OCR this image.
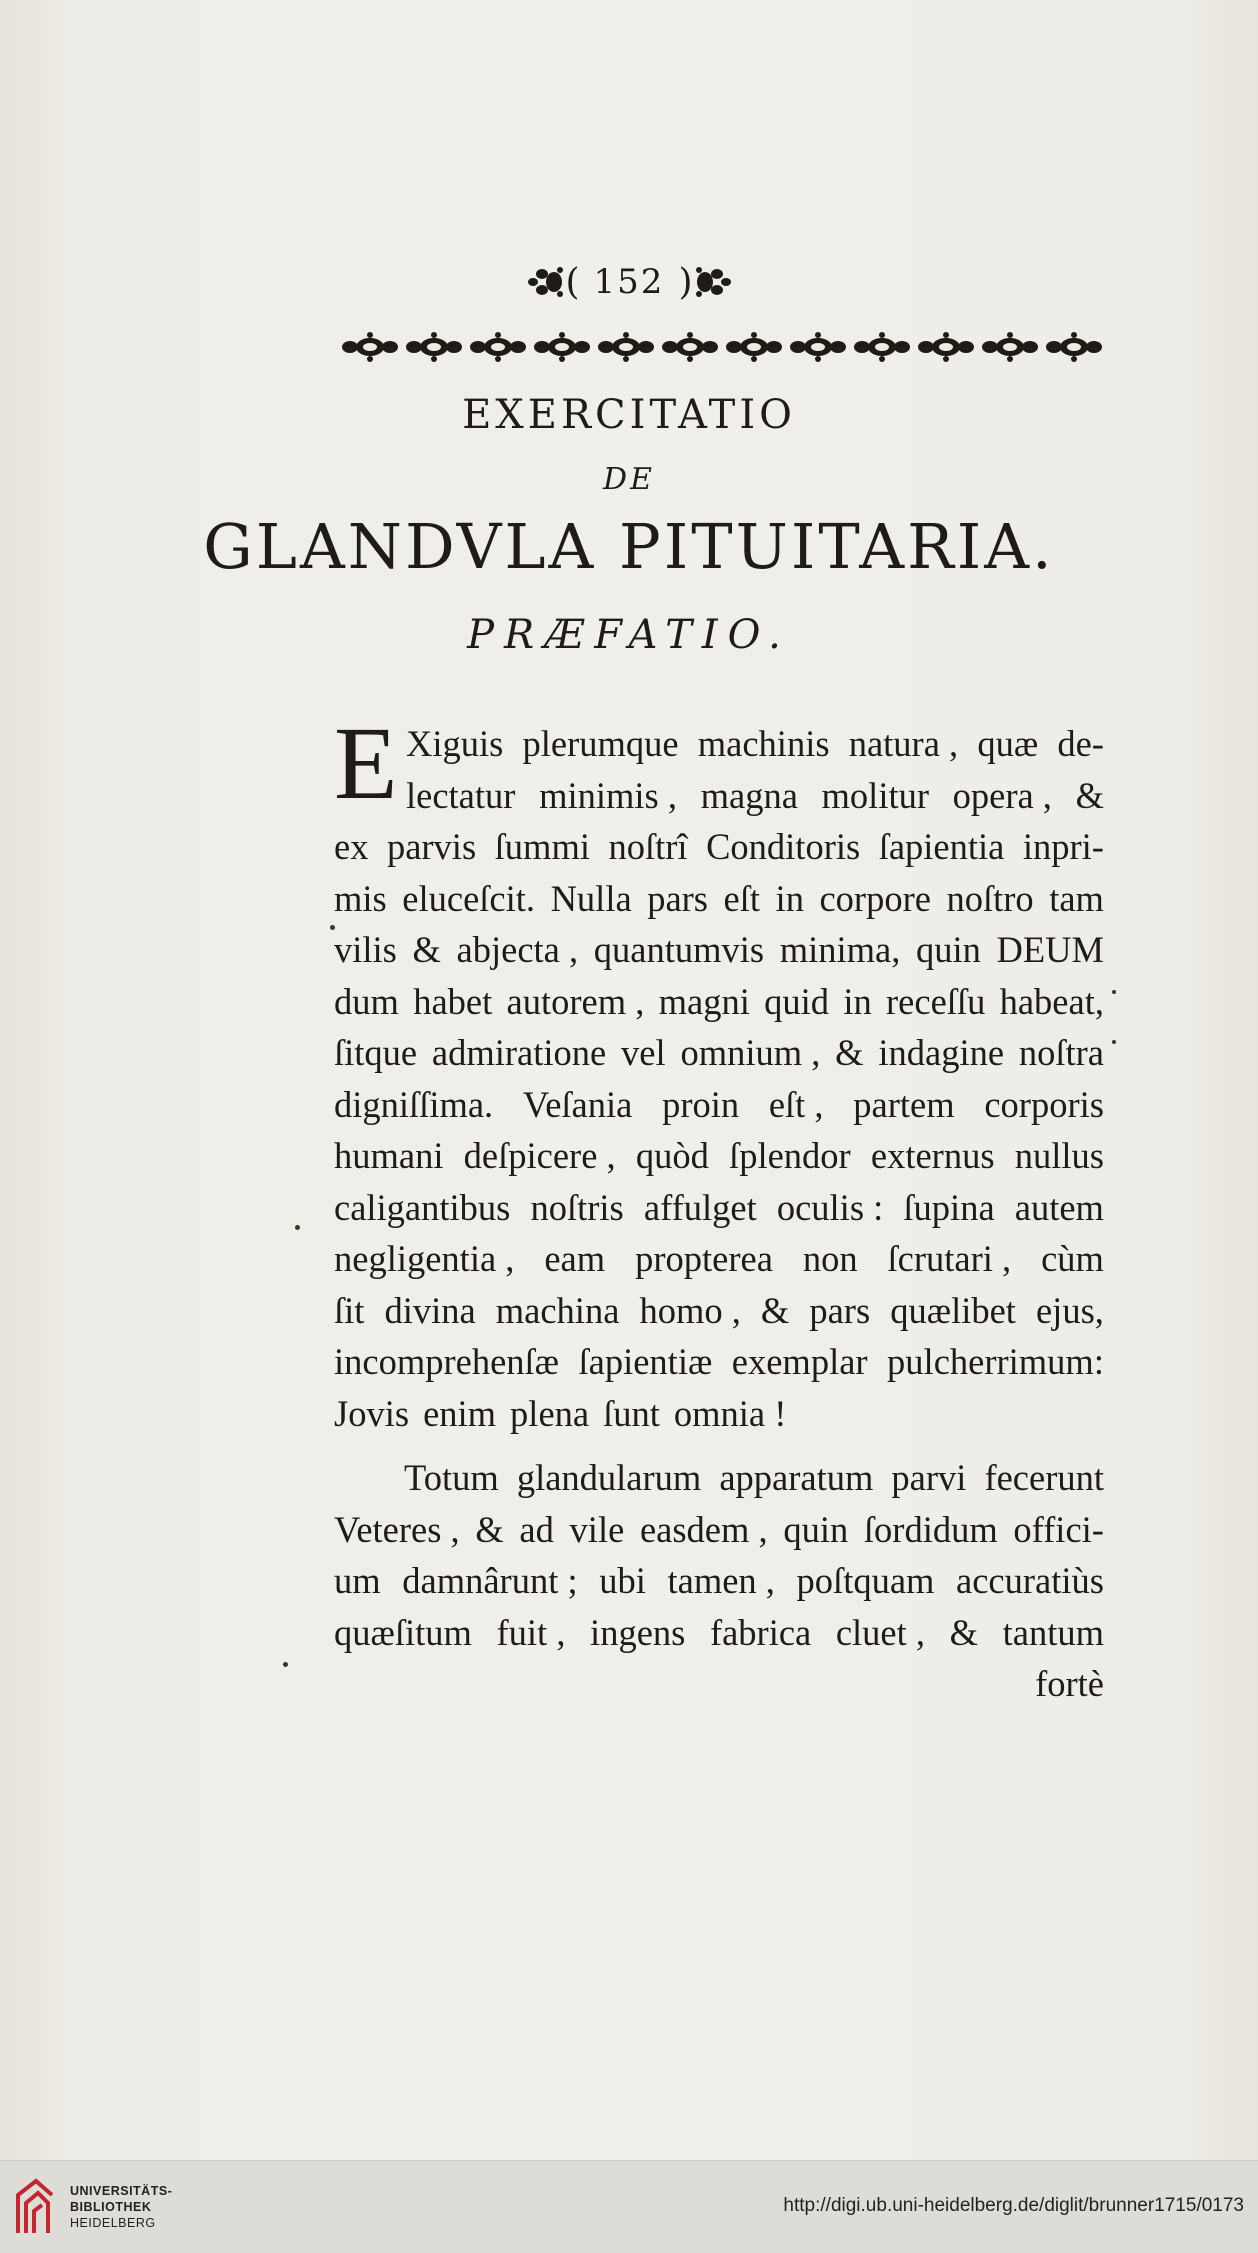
( 152 )
EXERCITATIO
DE
GLANDVLA PITUITARIA.
PRÆFATIO.
E Xiguis plerumque machinis natura , quæ de-
lectatur minimis , magna molitur opera , &
ex parvis ſummi noſtrî Conditoris ſapientia inpri-
mis eluceſcit. Nulla pars eſt in corpore noſtro tam
vilis & abjecta , quantumvis minima, quin DEUM
dum habet autorem , magni quid in receſſu habeat,
ſitque admiratione vel omnium , & indagine noſtra
digniſſima. Veſania proin eſt , partem corporis
humani deſpicere , quòd ſplendor externus nullus
caligantibus noſtris affulget oculis : ſupina autem
negligentia , eam propterea non ſcrutari , cùm
ſit divina machina homo , & pars quælibet ejus,
incomprehenſæ ſapientiæ exemplar pulcherrimum:
Jovis enim plena ſunt omnia !
Totum glandularum apparatum parvi fecerunt
Veteres , & ad vile easdem , quin ſordidum offici-
um damnârunt ; ubi tamen , poſtquam accuratiùs
quæſitum fuit , ingens fabrica cluet , & tantum
fortè
UNIVERSITÄTS-
BIBLIOTHEK
HEIDELBERG
http://digi.ub.uni-heidelberg.de/diglit/brunner1715/0173
